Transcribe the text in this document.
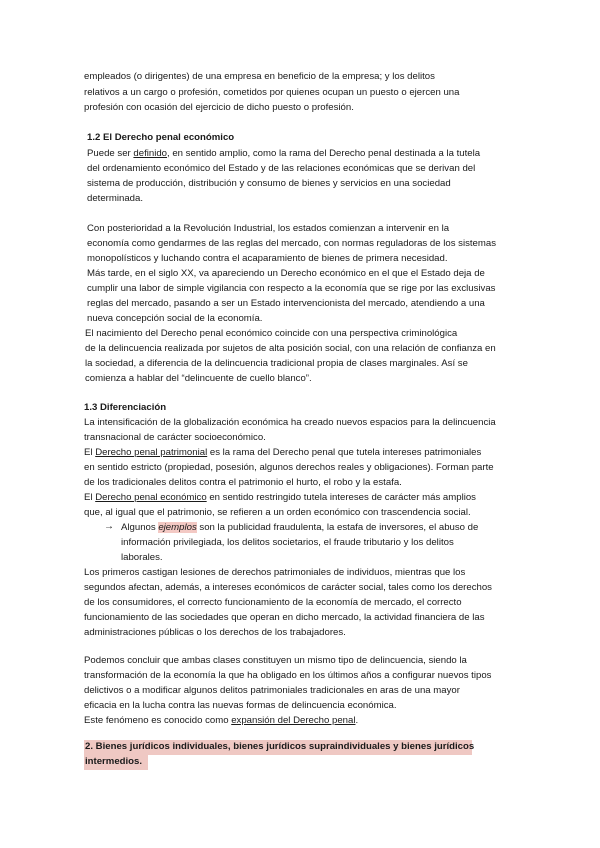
empleados (o dirigentes) de una empresa en beneficio de la empresa; y los delitos
relativos a un cargo o profesión, cometidos por quienes ocupan un puesto o ejercen una
profesión con ocasión del ejercicio de dicho puesto o profesión.
1.2 El Derecho penal económico
Puede ser definido, en sentido amplio, como la rama del Derecho penal destinada a la tutela
del ordenamiento económico del Estado y de las relaciones económicas que se derivan del
sistema de producción, distribución y consumo de bienes y servicios en una sociedad
determinada.
Con posterioridad a la Revolución Industrial, los estados comienzan a intervenir en la
economía como gendarmes de las reglas del mercado, con normas reguladoras de los sistemas
monopolísticos y luchando contra el acaparamiento de bienes de primera necesidad.
Más tarde, en el siglo XX, va apareciendo un Derecho económico en el que el Estado deja de
cumplir una labor de simple vigilancia con respecto a la economía que se rige por las exclusivas
reglas del mercado, pasando a ser un Estado intervencionista del mercado, atendiendo a una
nueva concepción social de la economía.
El nacimiento del Derecho penal económico coincide con una perspectiva criminológica
de la delincuencia realizada por sujetos de alta posición social, con una relación de confianza en
la sociedad, a diferencia de la delincuencia tradicional propia de clases marginales. Así se
comienza a hablar del “delincuente de cuello blanco”.
1.3 Diferenciación
La intensificación de la globalización económica ha creado nuevos espacios para la delincuencia
transnacional de carácter socioeconómico.
El Derecho penal patrimonial es la rama del Derecho penal que tutela intereses patrimoniales
en sentido estricto (propiedad, posesión, algunos derechos reales y obligaciones). Forman parte
de los tradicionales delitos contra el patrimonio el hurto, el robo y la estafa.
El Derecho penal económico en sentido restringido tutela intereses de carácter más amplios
que, al igual que el patrimonio, se refieren a un orden económico con trascendencia social.
→ Algunos ejemplos son la publicidad fraudulenta, la estafa de inversores, el abuso de
información privilegiada, los delitos societarios, el fraude tributario y los delitos
laborales.
Los primeros castigan lesiones de derechos patrimoniales de individuos, mientras que los
segundos afectan, además, a intereses económicos de carácter social, tales como los derechos
de los consumidores, el correcto funcionamiento de la economía de mercado, el correcto
funcionamiento de las sociedades que operan en dicho mercado, la actividad financiera de las
administraciones públicas o los derechos de los trabajadores.
Podemos concluir que ambas clases constituyen un mismo tipo de delincuencia, siendo la
transformación de la economía la que ha obligado en los últimos años a configurar nuevos tipos
delictivos o a modificar algunos delitos patrimoniales tradicionales en aras de una mayor
eficacia en la lucha contra las nuevas formas de delincuencia económica.
Este fenómeno es conocido como expansión del Derecho penal.
2. Bienes jurídicos individuales, bienes jurídicos supraindividuales y bienes jurídicos
intermedios.
